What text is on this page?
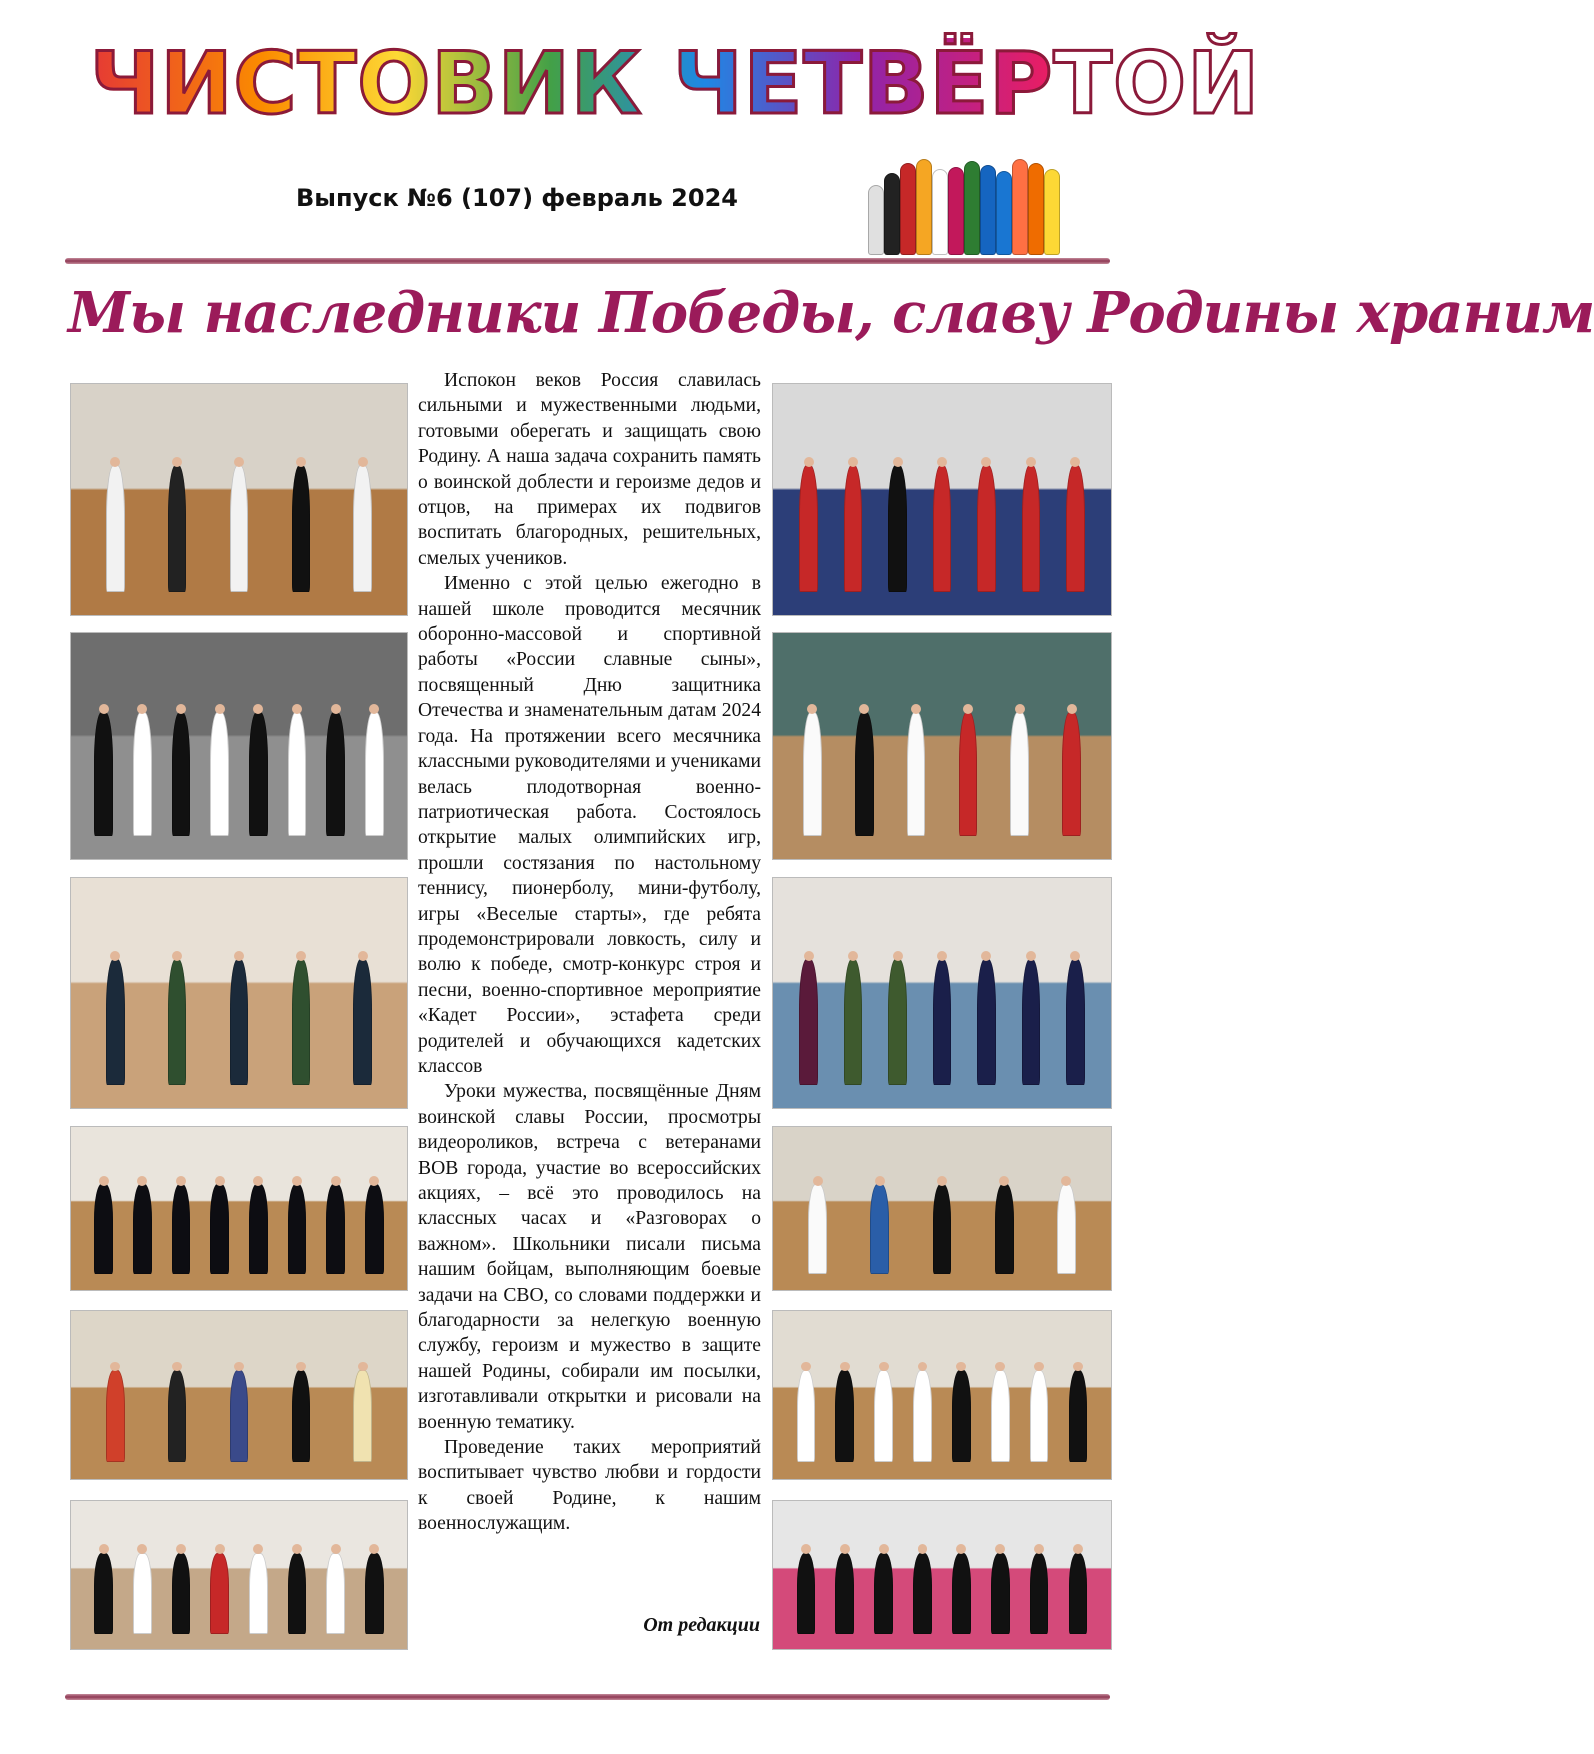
ЧИСТОВИК ЧЕТВЁРТОЙ
Выпуск №6 (107) февраль 2024
Мы наследники Победы, славу Родины храним

Испокон веков Россия славилась сильными и мужественными людьми, готовыми оберегать и защищать свою Родину. А наша задача сохранить память о воинской доблести и героизме дедов и отцов, на примерах их подвигов воспитать благородных, решительных, смелых учеников.

Именно с этой целью ежегодно в нашей школе проводится месячник оборонно-массовой и спортивной работы «России славные сыны», посвященный Дню защитника Отечества и знаменательным датам 2024 года. На протяжении всего месячника классными руководителями и учениками велась плодотворная военно-патриотическая работа. Состоялось открытие малых олимпийских игр, прошли состязания по настольному теннису, пионерболу, мини-футболу, игры «Веселые старты», где ребята продемонстрировали ловкость, силу и волю к победе, смотр-конкурс строя и песни, военно-спортивное мероприятие «Кадет России», эстафета среди родителей и обучающихся кадетских классов

Уроки мужества, посвящённые Дням воинской славы России, просмотры видеороликов, встреча с ветеранами ВОВ города, участие во всероссийских акциях, – всё это проводилось на классных часах и «Разговорах о важном». Школьники писали письма нашим бойцам, выполняющим боевые задачи на СВО, со словами поддержки и благодарности за нелегкую военную службу, героизм и мужество в защите нашей Родины, собирали им посылки, изготавливали открытки и рисовали на военную тематику.

Проведение таких мероприятий воспитывает чувство любви и гордости к своей Родине, к нашим военнослужащим.

От редакции
